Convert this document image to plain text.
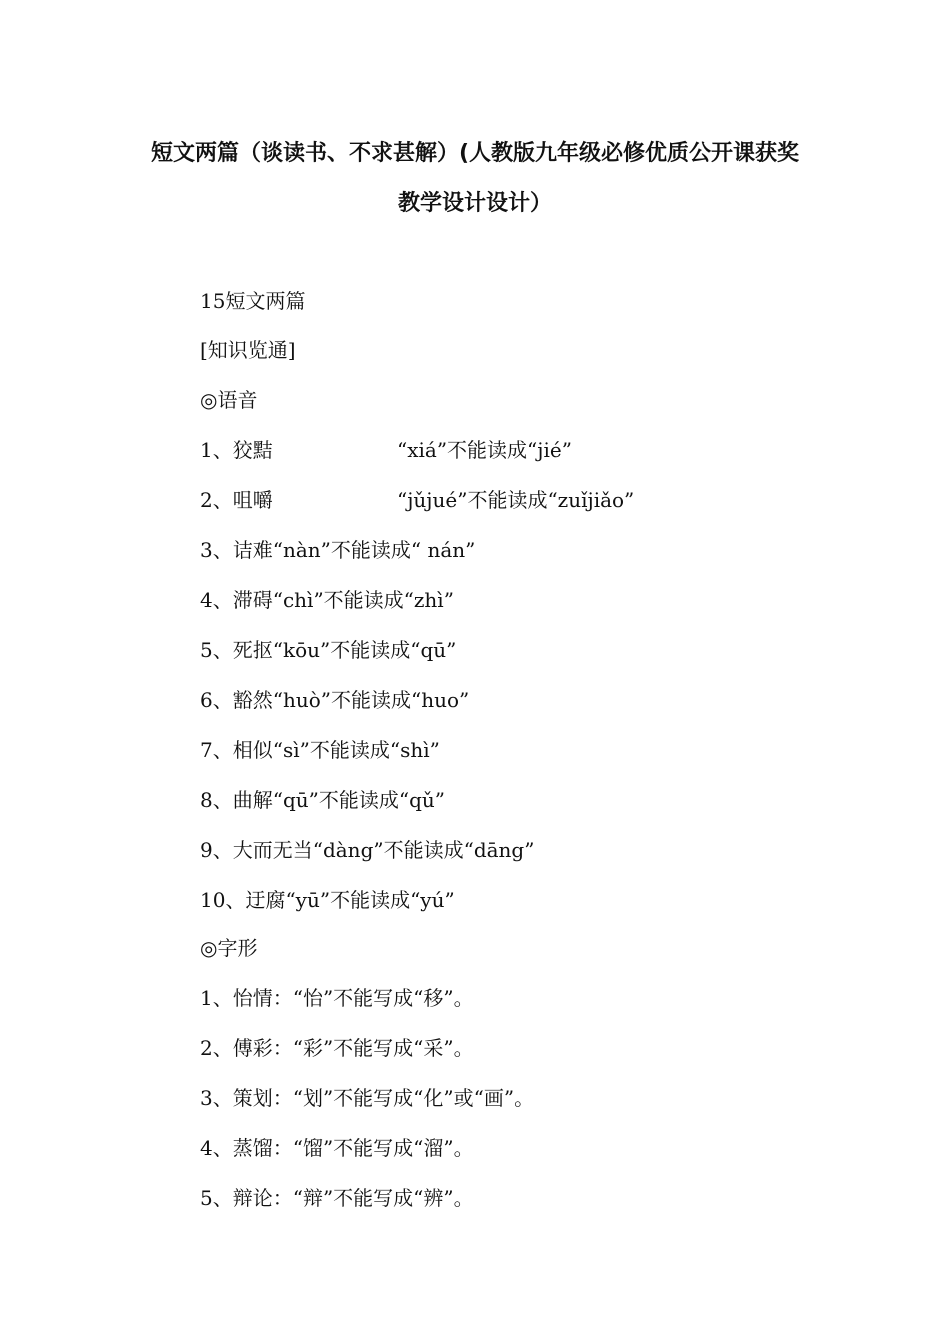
短文两篇（谈读书、不求甚解）(人教版九年级必修优质公开课获奖
教学设计设计）
15短文两篇
[知识览通]
◎语音
1、狡黠	“xiá”不能读成“jié”
2、咀嚼	“jǔjué”不能读成“zuǐjiǎo”
3、诘难“nàn”不能读成“ nán”
4、滞碍“chì”不能读成“zhì”
5、死抠“kōu”不能读成“qū”
6、豁然“huò”不能读成“huo”
7、相似“sì”不能读成“shì”
8、曲解“qū”不能读成“qǔ”
9、大而无当“dàng”不能读成“dāng”
10、迂腐“yū”不能读成“yú”
◎字形
1、怡情：“怡”不能写成“移”。
2、傅彩：“彩”不能写成“采”。
3、策划：“划”不能写成“化”或“画”。
4、蒸馏：“馏”不能写成“溜”。
5、辩论：“辩”不能写成“辨”。
